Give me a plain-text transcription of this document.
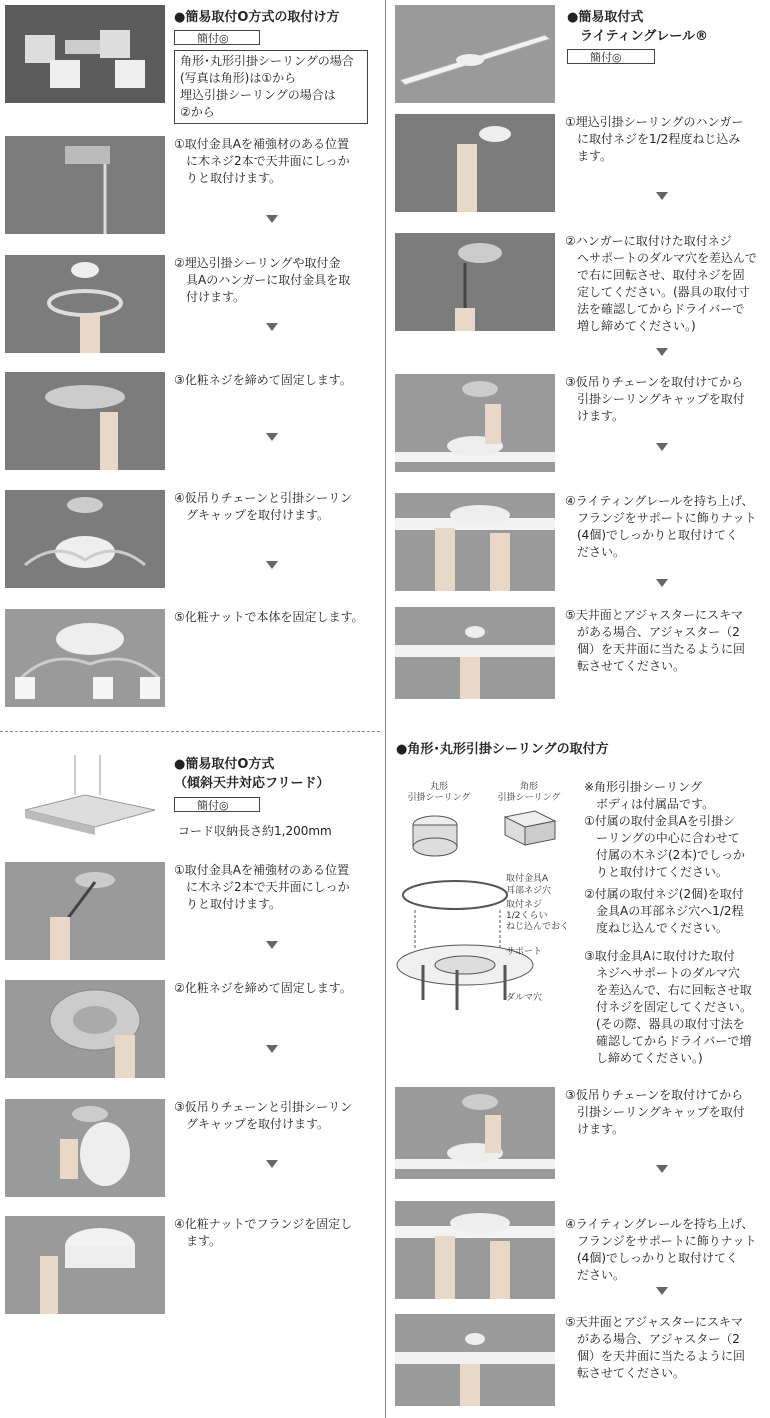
●簡易取付O方式の取付け方
簡付◎
角形･丸形引掛シーリングの場合
(写真は角形)は①から
埋込引掛シーリングの場合は
②から
①取付金具Aを補強材のある位置
　に木ネジ2本で天井面にしっか
　りと取付けます。
②埋込引掛シーリングや取付金
　具Aのハンガーに取付金具を取
　付けます。
③化粧ネジを締めて固定します。
④仮吊りチェーンと引掛シーリン
　グキャップを取付けます。
⑤化粧ナットで本体を固定します。
●簡易取付O方式
（傾斜天井対応フリード）
簡付◎
コード収納長さ約1,200mm
①取付金具Aを補強材のある位置
　に木ネジ2本で天井面にしっか
　りと取付けます。
②化粧ネジを締めて固定します。
③仮吊りチェーンと引掛シーリン
　グキャップを取付けます。
④化粧ナットでフランジを固定し
　ます。
●簡易取付式
　ライティングレール®
簡付◎
①埋込引掛シーリングのハンガー
　に取付ネジを1/2程度ねじ込み
　ます。
②ハンガーに取付けた取付ネジ
　へサポートのダルマ穴を差込んで
　で右に回転させ、取付ネジを固
　定してください。(器具の取付寸
　法を確認してからドライバーで
　増し締めてください。)
③仮吊りチェーンを取付けてから
　引掛シーリングキャップを取付
　けます。
④ライティングレールを持ち上げ、
　フランジをサポートに飾りナット
　(4個)でしっかりと取付けてく
　ださい。
⑤天井面とアジャスターにスキマ
　がある場合、アジャスター（2
　個）を天井面に当たるように回
　転させてください。
●角形･丸形引掛シーリングの取付方
丸形
引掛シーリング
角形
引掛シーリング
取付金具A
耳部ネジ穴
取付ネジ
1/2くらい
ねじ込んでおく
サポート
ダルマ穴
※角形引掛シーリング
　ボディは付属品です。
①付属の取付金具Aを引掛シ
　ーリングの中心に合わせて
　付属の木ネジ(2本)でしっか
　りと取付けてください。
②付属の取付ネジ(2個)を取付
　金具Aの耳部ネジ穴へ1/2程
　度ねじ込んでください。
③取付金具Aに取付けた取付
　ネジへサポートのダルマ穴
　を差込んで、右に回転させ取
　付ネジを固定してください。
　(その際、器具の取付寸法を
　確認してからドライバーで増
　し締めてください。)
③仮吊りチェーンを取付けてから
　引掛シーリングキャップを取付
　けます。
④ライティングレールを持ち上げ、
　フランジをサポートに飾りナット
　(4個)でしっかりと取付けてく
　ださい。
⑤天井面とアジャスターにスキマ
　がある場合、アジャスター（2
　個）を天井面に当たるように回
　転させてください。
